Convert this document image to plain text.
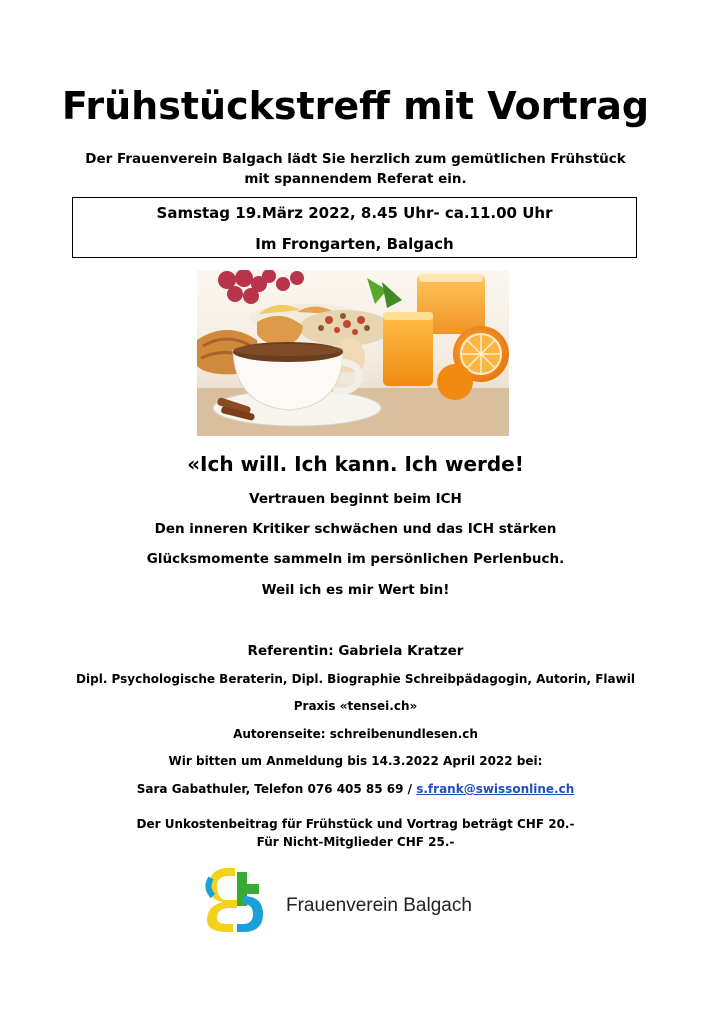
Frühstückstreff mit Vortrag
Der Frauenverein Balgach lädt Sie herzlich zum gemütlichen Frühstück
mit spannendem Referat ein.
Samstag 19.März 2022, 8.45 Uhr- ca.11.00 Uhr
Im Frongarten, Balgach
«Ich will. Ich kann. Ich werde!
Vertrauen beginnt beim ICH
Den inneren Kritiker schwächen und das ICH stärken
Glücksmomente sammeln im persönlichen Perlenbuch.
Weil ich es mir Wert bin!
Referentin: Gabriela Kratzer
Dipl. Psychologische Beraterin, Dipl. Biographie Schreibpädagogin, Autorin, Flawil
Praxis «tensei.ch»
Autorenseite: schreibenundlesen.ch
Wir bitten um Anmeldung bis 14.3.2022 April 2022 bei:
Sara Gabathuler, Telefon 076 405 85 69 / s.frank@swissonline.ch
Der Unkostenbeitrag für Frühstück und Vortrag beträgt CHF 20.-
Für Nicht-Mitglieder CHF 25.-
Frauenverein Balgach
